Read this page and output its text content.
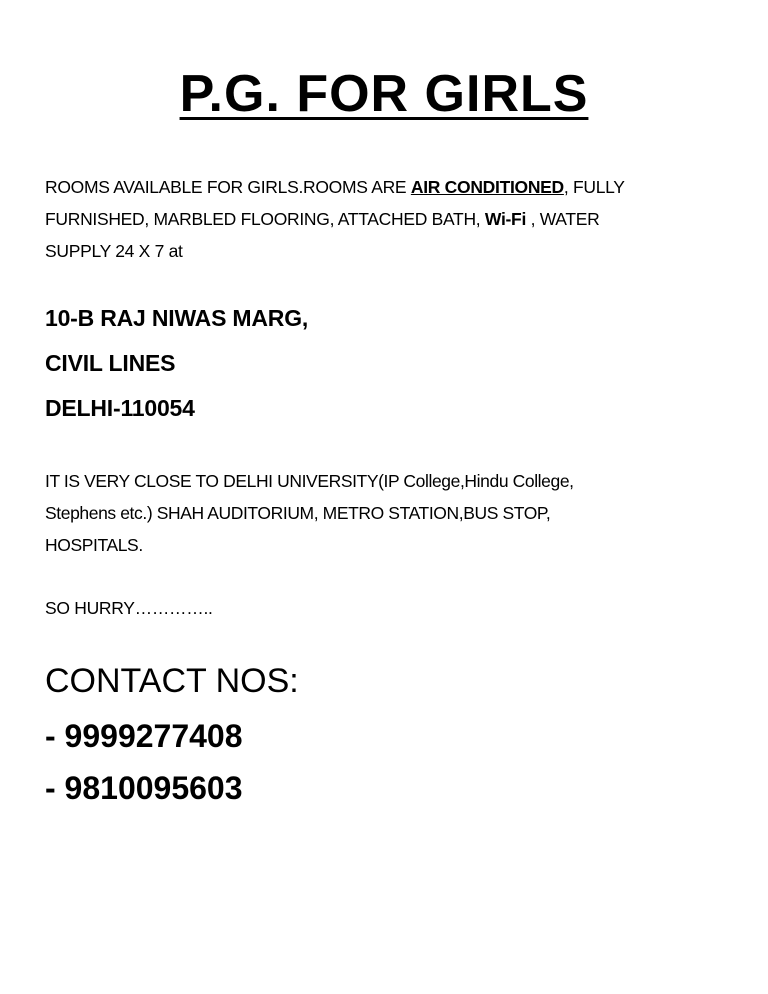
P.G. FOR GIRLS
ROOMS AVAILABLE FOR GIRLS.ROOMS ARE AIR CONDITIONED, FULLY
FURNISHED, MARBLED FLOORING, ATTACHED BATH, Wi-Fi , WATER
SUPPLY 24 X 7 at
10-B RAJ NIWAS MARG,
CIVIL LINES
DELHI-110054
IT IS VERY CLOSE TO DELHI UNIVERSITY(IP College,Hindu College,
Stephens etc.) SHAH AUDITORIUM, METRO STATION,BUS STOP,
HOSPITALS.
SO HURRY…………..
CONTACT NOS:
- 9999277408
- 9810095603
